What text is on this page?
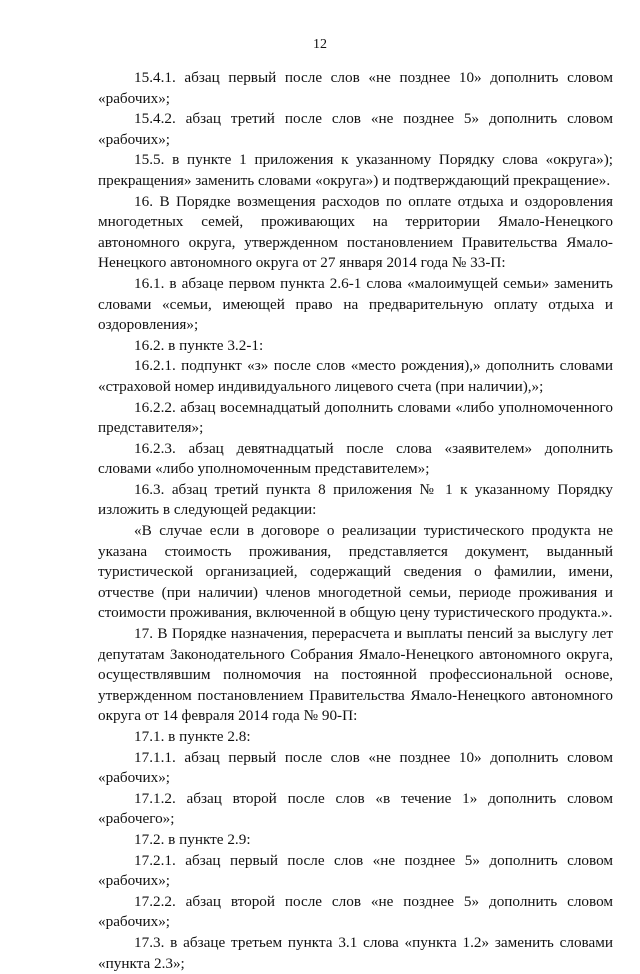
12

15.4.1. абзац первый после слов «не позднее 10» дополнить словом «рабочих»;

15.4.2. абзац третий после слов «не позднее 5» дополнить словом «рабочих»;

15.5. в пункте 1 приложения к указанному Порядку слова «округа»); прекращения» заменить словами «округа») и подтверждающий прекращение».

16. В Порядке возмещения расходов по оплате отдыха и оздоровления многодетных семей, проживающих на территории Ямало-Ненецкого автономного округа, утвержденном постановлением Правительства Ямало-Ненецкого автономного округа от 27 января 2014 года № 33-П:

16.1. в абзаце первом пункта 2.6-1 слова «малоимущей семьи» заменить словами «семьи, имеющей право на предварительную оплату отдыха и оздоровления»;

16.2. в пункте 3.2-1:

16.2.1. подпункт «з» после слов «место рождения),» дополнить словами «страховой номер индивидуального лицевого счета (при наличии),»;

16.2.2. абзац восемнадцатый дополнить словами «либо уполномоченного представителя»;

16.2.3. абзац девятнадцатый после слова «заявителем» дополнить словами «либо уполномоченным представителем»;

16.3. абзац третий пункта 8 приложения № 1 к указанному Порядку изложить в следующей редакции:

«В случае если в договоре о реализации туристического продукта не указана стоимость проживания, представляется документ, выданный туристической организацией, содержащий сведения о фамилии, имени, отчестве (при наличии) членов многодетной семьи, периоде проживания и стоимости проживания, включенной в общую цену туристического продукта.».

17. В Порядке назначения, перерасчета и выплаты пенсий за выслугу лет депутатам Законодательного Собрания Ямало-Ненецкого автономного округа, осуществлявшим полномочия на постоянной профессиональной основе, утвержденном постановлением Правительства Ямало-Ненецкого автономного округа от 14 февраля 2014 года № 90-П:

17.1. в пункте 2.8:

17.1.1. абзац первый после слов «не позднее 10» дополнить словом «рабочих»;

17.1.2. абзац второй после слов «в течение 1» дополнить словом «рабочего»;

17.2. в пункте 2.9:

17.2.1. абзац первый после слов «не позднее 5» дополнить словом «рабочих»;

17.2.2. абзац второй после слов «не позднее 5» дополнить словом «рабочих»;

17.3. в абзаце третьем пункта 3.1 слова «пункта 1.2» заменить словами «пункта 2.3»;
